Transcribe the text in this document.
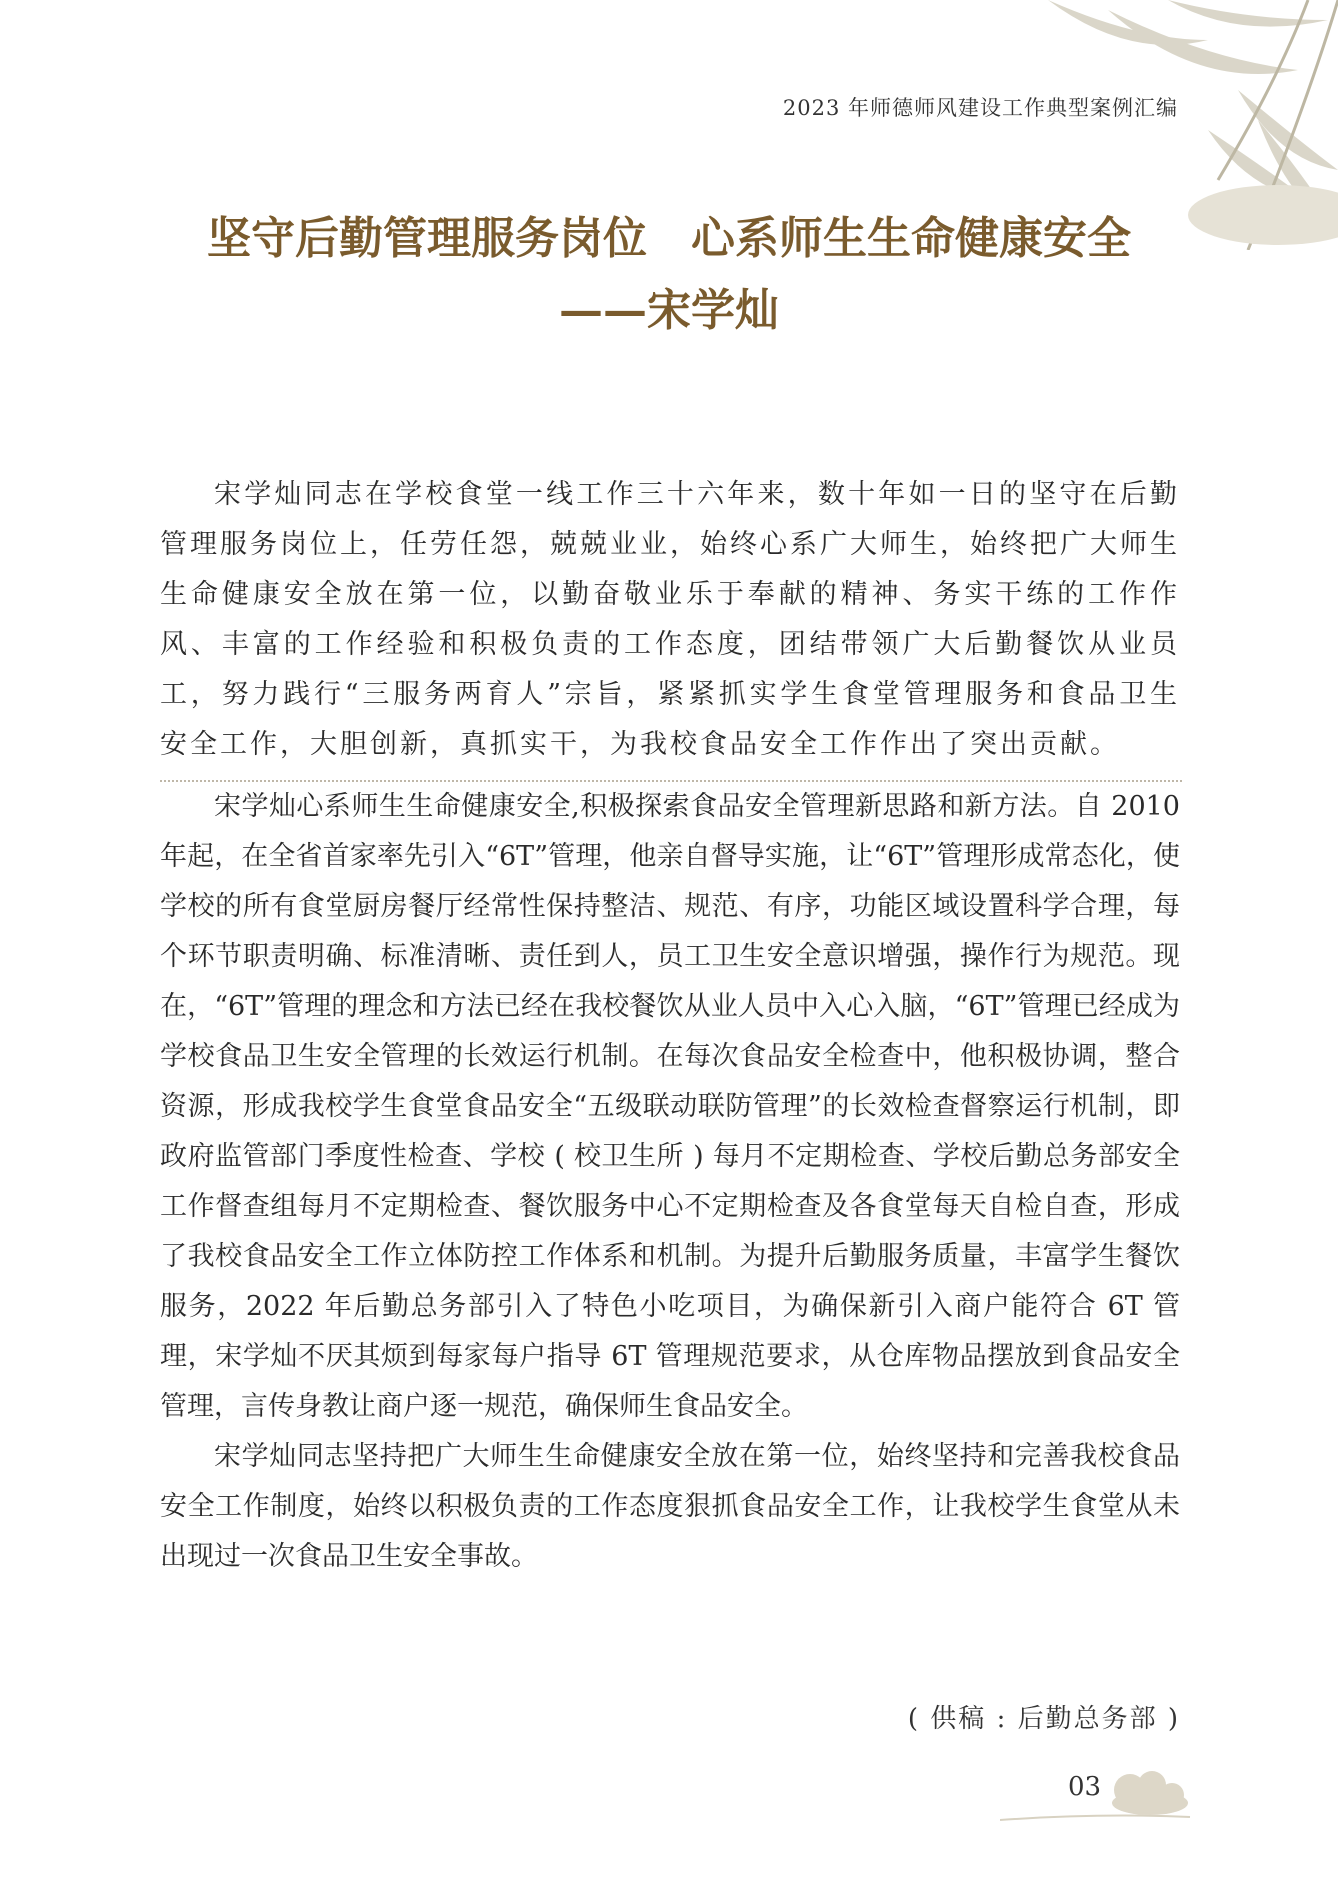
2023 年师德师风建设工作典型案例汇编
坚守后勤管理服务岗位　心系师生生命健康安全
——宋学灿

宋学灿同志在学校食堂一线工作三十六年来，数十年如一日的坚守在后勤管理服务岗位上，任劳任怨，兢兢业业，始终心系广大师生，始终把广大师生生命健康安全放在第一位，以勤奋敬业乐于奉献的精神、务实干练的工作作风、丰富的工作经验和积极负责的工作态度，团结带领广大后勤餐饮从业员工，努力践行“三服务两育人”宗旨，紧紧抓实学生食堂管理服务和食品卫生安全工作，大胆创新，真抓实干，为我校食品安全工作作出了突出贡献。

宋学灿心系师生生命健康安全,积极探索食品安全管理新思路和新方法。自 2010 年起，在全省首家率先引入“6T”管理，他亲自督导实施，让“6T”管理形成常态化，使学校的所有食堂厨房餐厅经常性保持整洁、规范、有序，功能区域设置科学合理，每个环节职责明确、标准清晰、责任到人，员工卫生安全意识增强，操作行为规范。现在，“6T”管理的理念和方法已经在我校餐饮从业人员中入心入脑，“6T”管理已经成为学校食品卫生安全管理的长效运行机制。在每次食品安全检查中，他积极协调，整合资源，形成我校学生食堂食品安全“五级联动联防管理”的长效检查督察运行机制，即政府监管部门季度性检查、学校 ( 校卫生所 ) 每月不定期检查、学校后勤总务部安全工作督查组每月不定期检查、餐饮服务中心不定期检查及各食堂每天自检自查，形成了我校食品安全工作立体防控工作体系和机制。为提升后勤服务质量，丰富学生餐饮服务，2022 年后勤总务部引入了特色小吃项目，为确保新引入商户能符合 6T 管理，宋学灿不厌其烦到每家每户指导 6T 管理规范要求，从仓库物品摆放到食品安全管理，言传身教让商户逐一规范，确保师生食品安全。

宋学灿同志坚持把广大师生生命健康安全放在第一位，始终坚持和完善我校食品安全工作制度，始终以积极负责的工作态度狠抓食品安全工作，让我校学生食堂从未出现过一次食品卫生安全事故。

( 供稿 : 后勤总务部 )
03
